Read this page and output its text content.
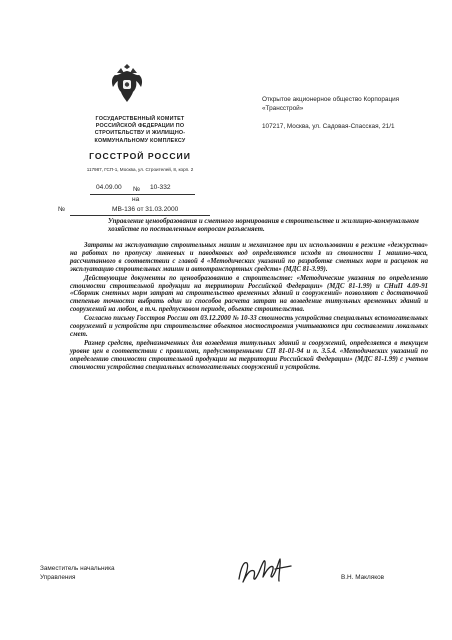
ГОСУДАРСТВЕННЫЙ КОМИТЕТ
РОССИЙСКОЙ ФЕДЕРАЦИИ ПО
СТРОИТЕЛЬСТВУ И ЖИЛИЩНО-
КОММУНАЛЬНОМУ КОМПЛЕКСУ
ГОССТРОЙ РОССИИ
117987, ГСП-1, Москва, ул. Строителей, 8, корп. 2
04.09.00 № 10-332
на
№	МВ-136 от 31.03.2000
Открытое акционерное общество Корпорация «Трансстрой»
107217, Москва, ул. Садовая-Спасская, 21/1
Управление ценообразования и сметного нормирования в строительстве и жилищно-коммунальном хозяйстве по поставленным вопросам разъясняет.

Затраты на эксплуатацию строительных машин и механизмов при их использовании в режиме «дежурства» на работах по пропуску ливневых и паводковых вод определяются исходя из стоимости 1 машино-часа, рассчитанного в соответствии с главой 4 «Методических указаний по разработке сметных норм и расценок на эксплуатацию строительных машин и автотранспортных средств» (МДС 81-3.99).

Действующие документы по ценообразованию в строительстве: «Методические указания по определению стоимости строительной продукции на территории Российской Федерации» (МДС 81-1.99) и СНиП 4.09-91 «Сборник сметных норм затрат на строительство временных зданий и сооружений» позволяют с достаточной степенью точности выбрать один из способов расчета затрат на возведение титульных временных зданий и сооружений на любом, в т.ч. предпусковом периоде, объекте строительства.

Согласно письму Госстроя России от 03.12.2000 № 10-33 стоимость устройства специальных вспомогательных сооружений и устройств при строительстве объектов мостостроения учитываются при составлении локальных смет.

Размер средств, предназначенных для возведения титульных зданий и сооружений, определяется в текущем уровне цен в соответствии с правилами, предусмотренными СП 81-01-94 и п. 3.5.4. «Методических указаний по определению стоимости строительной продукции на территории Российской Федерации» (МДС 81-1.99) с учетом стоимости устройства специальных вспомогательных сооружений и устройств.

Заместитель начальника
Управления	В.Н. Макляков
